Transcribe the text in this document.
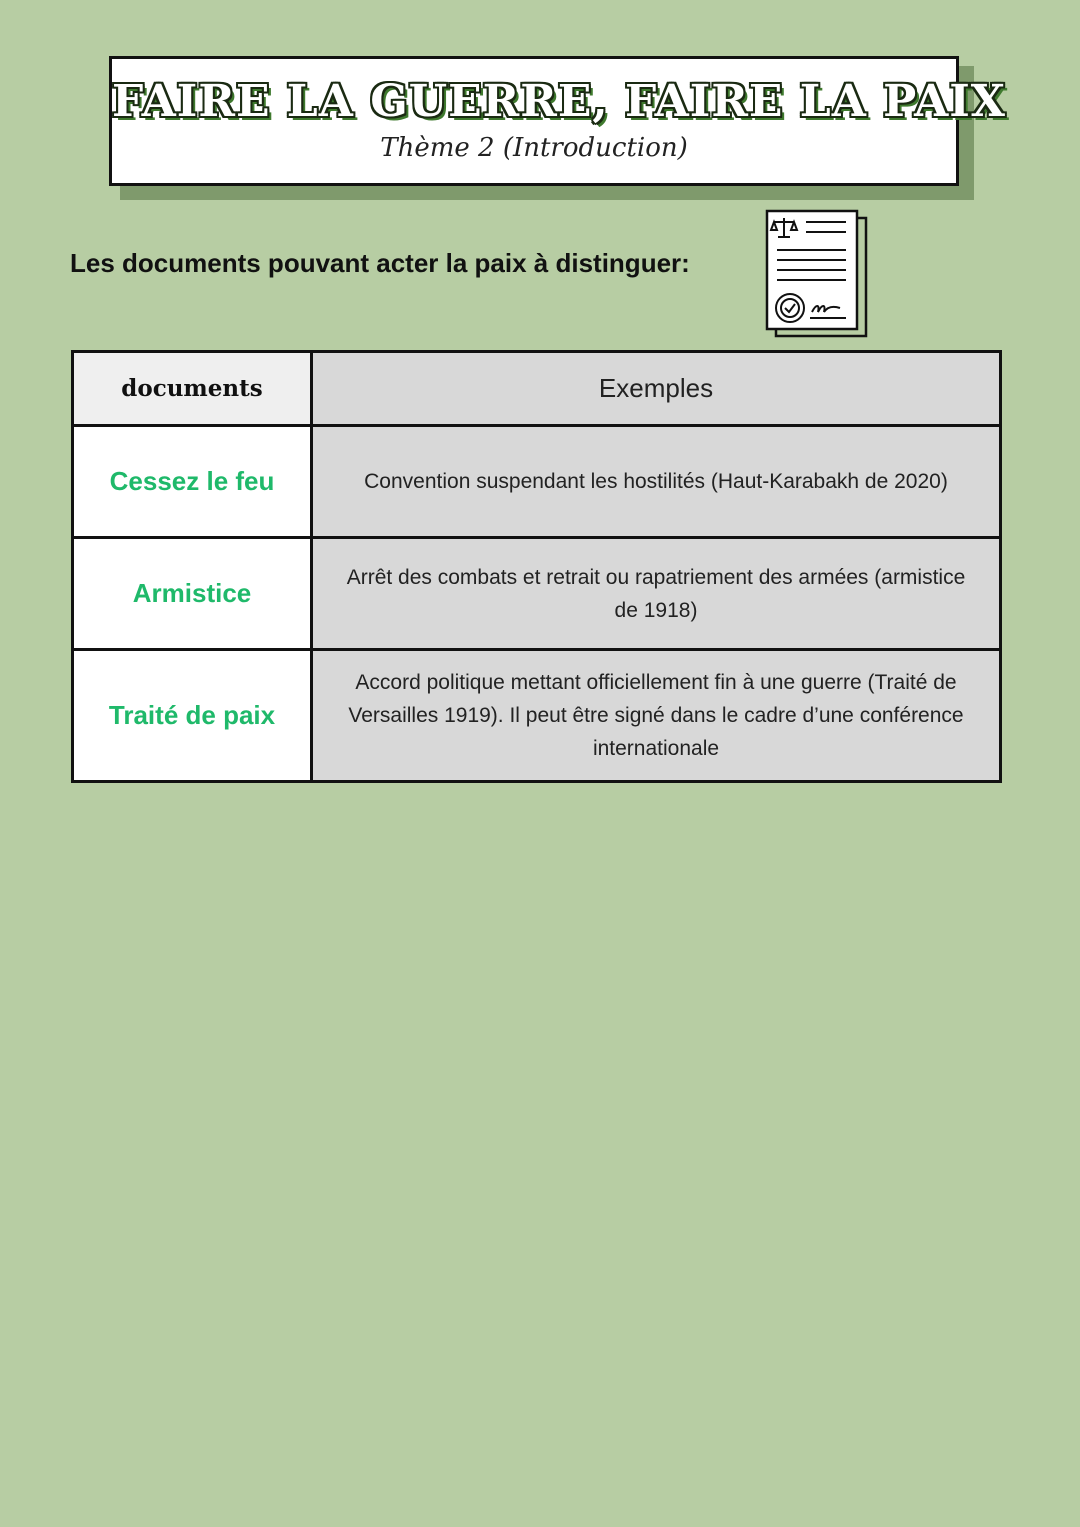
FAIRE LA GUERRE, FAIRE LA PAIX
Thème 2 (Introduction)
Les documents pouvant acter la paix à distinguer:
documents	Exemples
Cessez le feu	Convention suspendant les hostilités (Haut-Karabakh de 2020)
Armistice	Arrêt des combats et retrait ou rapatriement des armées (armistice de 1918)
Traité de paix	Accord politique mettant officiellement fin à une guerre (Traité de Versailles 1919). Il peut être signé dans le cadre d’une conférence internationale
